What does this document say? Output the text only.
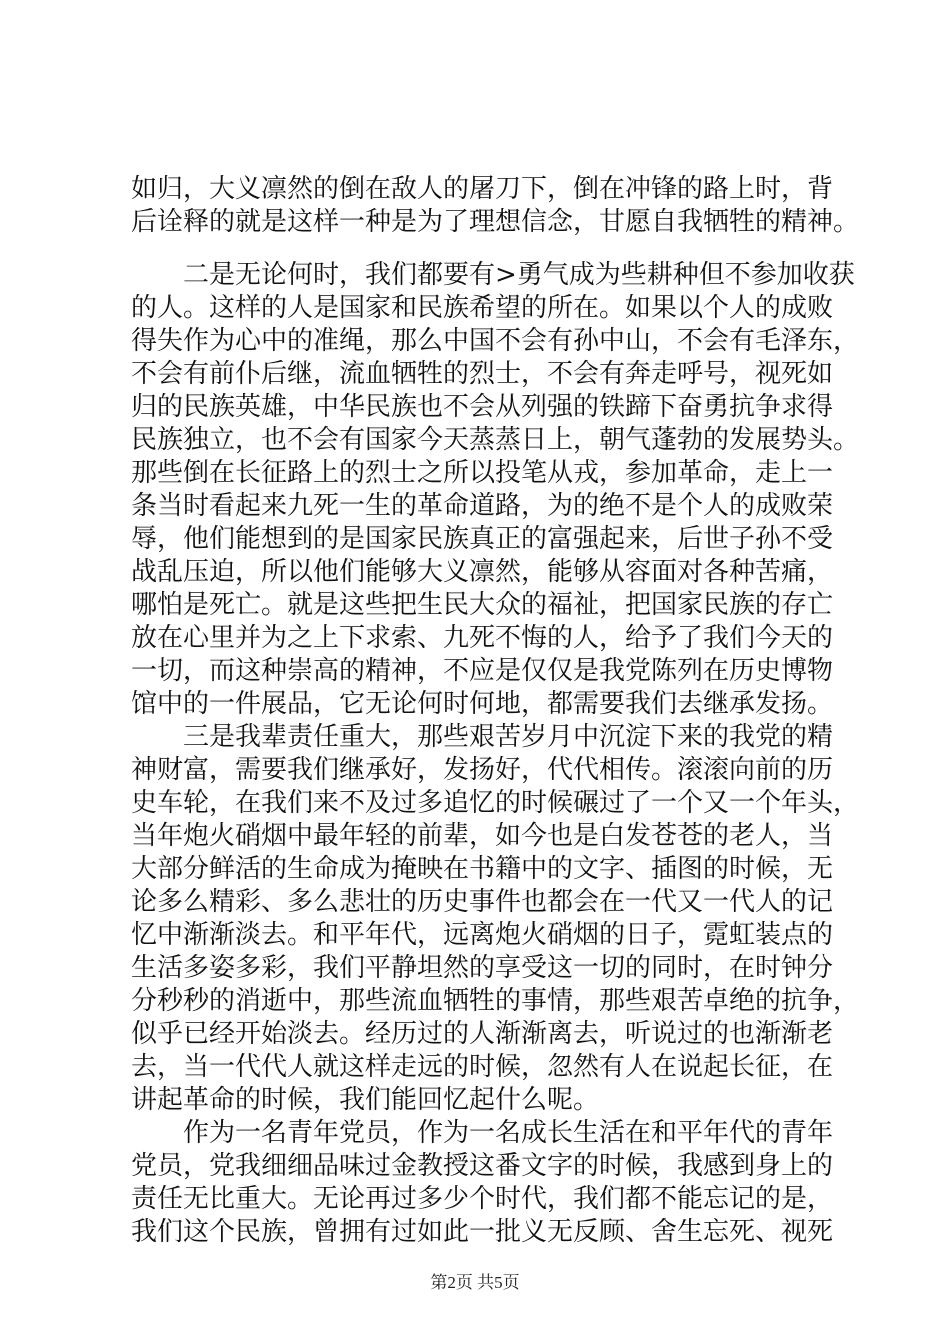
如归，大义凛然的倒在敌人的屠刀下，倒在冲锋的路上时，背
后诠释的就是这样一种是为了理想信念，甘愿自我牺牲的精神。
二是无论何时，我们都要有>勇气成为些耕种但不参加收获
的人。这样的人是国家和民族希望的所在。如果以个人的成败
得失作为心中的准绳，那么中国不会有孙中山，不会有毛泽东，
不会有前仆后继，流血牺牲的烈士，不会有奔走呼号，视死如
归的民族英雄，中华民族也不会从列强的铁蹄下奋勇抗争求得
民族独立，也不会有国家今天蒸蒸日上，朝气蓬勃的发展势头。
那些倒在长征路上的烈士之所以投笔从戎，参加革命，走上一
条当时看起来九死一生的革命道路，为的绝不是个人的成败荣
辱，他们能想到的是国家民族真正的富强起来，后世子孙不受
战乱压迫，所以他们能够大义凛然，能够从容面对各种苦痛，
哪怕是死亡。就是这些把生民大众的福祉，把国家民族的存亡
放在心里并为之上下求索、九死不悔的人，给予了我们今天的
一切，而这种崇高的精神，不应是仅仅是我党陈列在历史博物
馆中的一件展品，它无论何时何地，都需要我们去继承发扬。
三是我辈责任重大，那些艰苦岁月中沉淀下来的我党的精
神财富，需要我们继承好，发扬好，代代相传。滚滚向前的历
史车轮，在我们来不及过多追忆的时候碾过了一个又一个年头，
当年炮火硝烟中最年轻的前辈，如今也是白发苍苍的老人，当
大部分鲜活的生命成为掩映在书籍中的文字、插图的时候，无
论多么精彩、多么悲壮的历史事件也都会在一代又一代人的记
忆中渐渐淡去。和平年代，远离炮火硝烟的日子，霓虹装点的
生活多姿多彩，我们平静坦然的享受这一切的同时，在时钟分
分秒秒的消逝中，那些流血牺牲的事情，那些艰苦卓绝的抗争，
似乎已经开始淡去。经历过的人渐渐离去，听说过的也渐渐老
去，当一代代人就这样走远的时候，忽然有人在说起长征，在
讲起革命的时候，我们能回忆起什么呢。
作为一名青年党员，作为一名成长生活在和平年代的青年
党员，党我细细品味过金教授这番文字的时候，我感到身上的
责任无比重大。无论再过多少个时代，我们都不能忘记的是，
我们这个民族，曾拥有过如此一批义无反顾、舍生忘死、视死
第2页 共5页
